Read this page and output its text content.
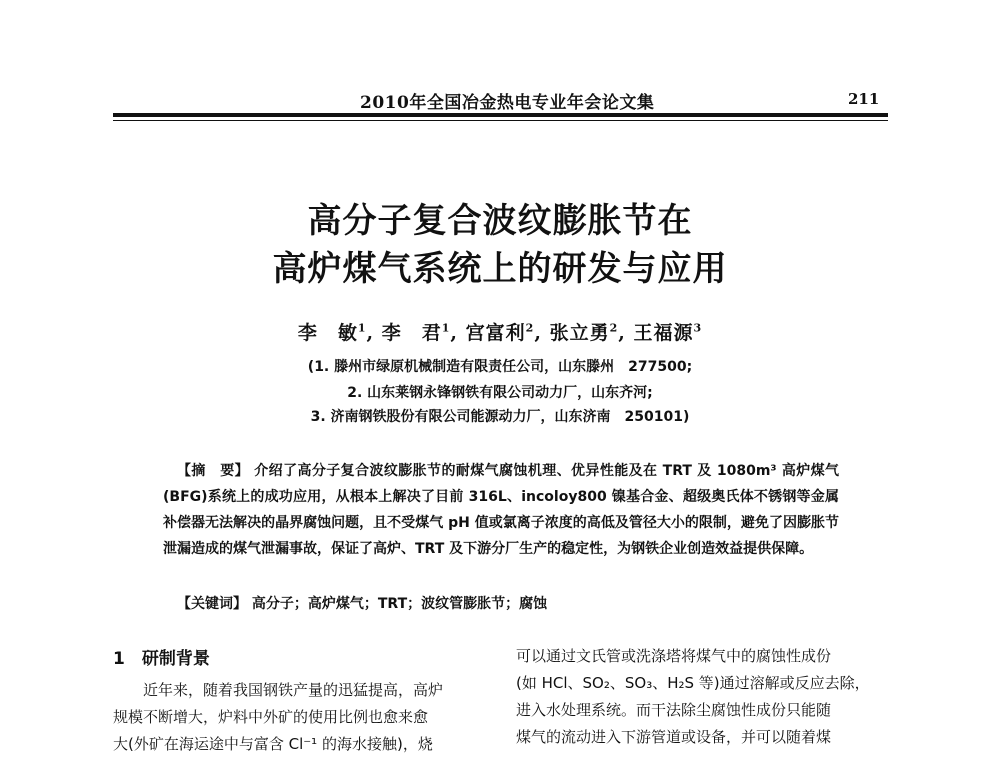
2010年全国冶金热电专业年会论文集	211
高分子复合波纹膨胀节在
高炉煤气系统上的研发与应用
李　敏$^1$, 李　君$^1$, 宫富利$^2$, 张立勇$^2$, 王福源$^3$
(1. 滕州市绿原机械制造有限责任公司，山东滕州　277500;
2. 山东莱钢永锋钢铁有限公司动力厂，山东齐河;
3. 济南钢铁股份有限公司能源动力厂，山东济南　250101)
【摘　要】 介绍了高分子复合波纹膨胀节的耐煤气腐蚀机理、优异性能及在 TRT 及 1080m³ 高炉煤气(BFG)系统上的成功应用，从根本上解决了目前 316L、incoloy800 镍基合金、超级奥氏体不锈钢等金属补偿器无法解决的晶界腐蚀问题，且不受煤气 pH 值或氯离子浓度的高低及管径大小的限制，避免了因膨胀节泄漏造成的煤气泄漏事故，保证了高炉、TRT 及下游分厂生产的稳定性，为钢铁企业创造效益提供保障。
【关键词】 高分子；高炉煤气；TRT；波纹管膨胀节；腐蚀
1　研制背景
近年来，随着我国钢铁产量的迅猛提高，高炉
规模不断增大，炉料中外矿的使用比例也愈来愈
大(外矿在海运途中与富含 Cl⁻¹ 的海水接触)，烧
可以通过文氏管或洗涤塔将煤气中的腐蚀性成份
(如 HCl、SO₂、SO₃、H₂S 等)通过溶解或反应去除，
进入水处理系统。而干法除尘腐蚀性成份只能随
煤气的流动进入下游管道或设备，并可以随着煤
